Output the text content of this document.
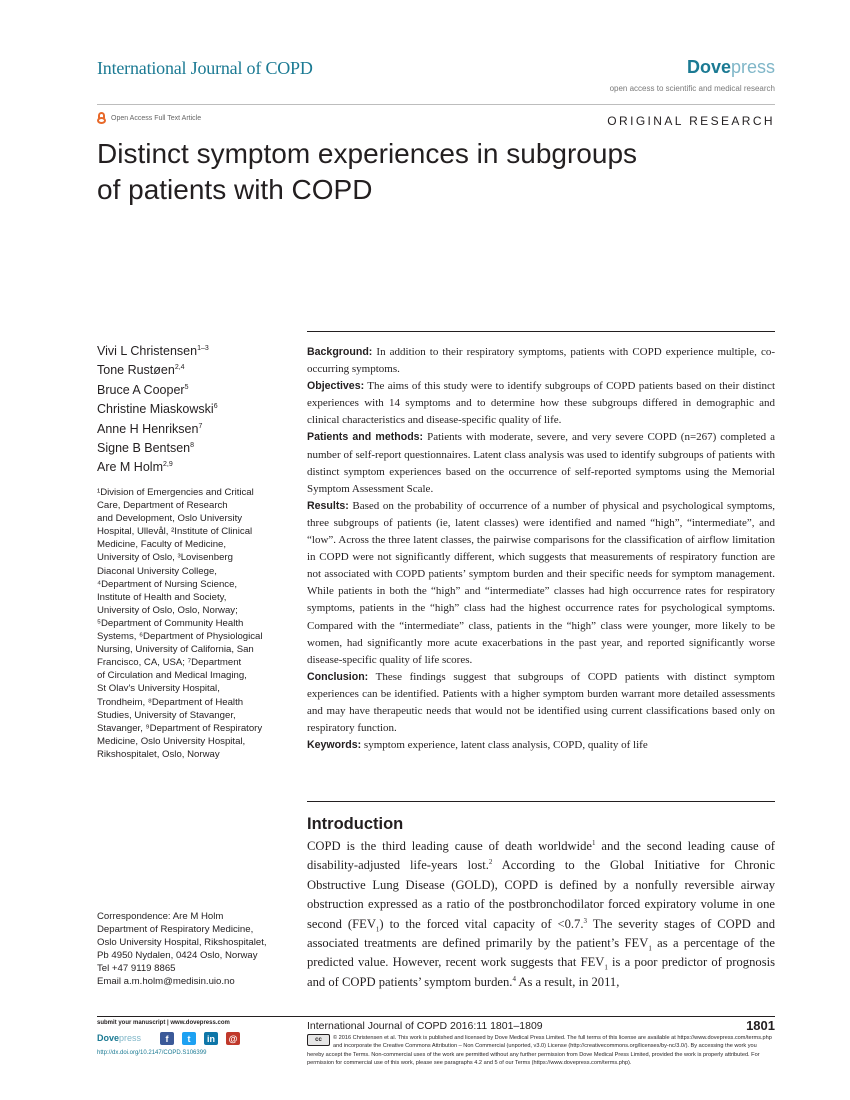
International Journal of COPD	Dovepress
open access to scientific and medical research
Open Access Full Text Article	ORIGINAL RESEARCH
Distinct symptom experiences in subgroups
of patients with COPD
Vivi L Christensen$^{1-3}$
Tone Rustøen$^{2,4}$
Bruce A Cooper$^5$
Christine Miaskowski$^6$
Anne H Henriksen$^7$
Signe B Bentsen$^8$
Are M Holm$^{2,9}$
¹Division of Emergencies and Critical
Care, Department of Research
and Development, Oslo University
Hospital, Ullevål, ²Institute of Clinical
Medicine, Faculty of Medicine,
University of Oslo, ³Lovisenberg
Diaconal University College,
⁴Department of Nursing Science,
Institute of Health and Society,
University of Oslo, Oslo, Norway;
⁵Department of Community Health
Systems, ⁶Department of Physiological
Nursing, University of California, San
Francisco, CA, USA; ⁷Department
of Circulation and Medical Imaging,
St Olav's University Hospital,
Trondheim, ⁸Department of Health
Studies, University of Stavanger,
Stavanger, ⁹Department of Respiratory
Medicine, Oslo University Hospital,
Rikshospitalet, Oslo, Norway
Correspondence: Are M Holm
Department of Respiratory Medicine,
Oslo University Hospital, Rikshospitalet,
Pb 4950 Nydalen, 0424 Oslo, Norway
Tel +47 9119 8865
Email a.m.holm@medisin.uio.no

Background: In addition to their respiratory symptoms, patients with COPD experience multiple, co-occurring symptoms.

Objectives: The aims of this study were to identify subgroups of COPD patients based on their distinct experiences with 14 symptoms and to determine how these subgroups differed in demographic and clinical characteristics and disease-specific quality of life.

Patients and methods: Patients with moderate, severe, and very severe COPD (n=267) completed a number of self-report questionnaires. Latent class analysis was used to identify subgroups of patients with distinct symptom experiences based on the occurrence of self-reported symptoms using the Memorial Symptom Assessment Scale.

Results: Based on the probability of occurrence of a number of physical and psychological symptoms, three subgroups of patients (ie, latent classes) were identified and named “high”, “intermediate”, and “low”. Across the three latent classes, the pairwise comparisons for the classification of airflow limitation in COPD were not significantly different, which suggests that measurements of respiratory function are not associated with COPD patients’ symptom burden and their specific needs for symptom management. While patients in both the “high” and “intermediate” classes had high occurrence rates for respiratory symptoms, patients in the “high” class had the highest occurrence rates for psychological symptoms. Compared with the “intermediate” class, patients in the “high” class were younger, more likely to be women, had significantly more acute exacerbations in the past year, and reported significantly worse disease-specific quality of life scores.

Conclusion: These findings suggest that subgroups of COPD patients with distinct symptom experiences can be identified. Patients with a higher symptom burden warrant more detailed assessments and may have therapeutic needs that would not be identified using current classifications based only on respiratory function.

Keywords: symptom experience, latent class analysis, COPD, quality of life

Introduction
COPD is the third leading cause of death worldwide$^1$ and the second leading cause of disability-adjusted life-years lost.$^2$ According to the Global Initiative for Chronic Obstructive Lung Disease (GOLD), COPD is defined by a nonfully reversible airway obstruction expressed as a ratio of the postbronchodilator forced expiratory volume in one second $(FEV_1)$ to the forced vital capacity of <0.7.$^3$ The severity stages of COPD and associated treatments are defined primarily by the patient’s $FEV_1$ as a percentage of the predicted value. However, recent work suggests that $FEV_1$ is a poor predictor of prognosis and of COPD patients’ symptom burden.$^4$ As a result, in 2011,
submit your manuscript | www.dovepress.com
Dovepress	f	t	in	@
http://dx.doi.org/10.2147/COPD.S106399
International Journal of COPD 2016:11 1801–1809	1801
cc	© 2016 Christensen et al. This work is published and licensed by Dove Medical Press Limited. The full terms of this license are available at https://www.dovepress.com/terms.php and incorporate the Creative Commons Attribution – Non Commercial (unported, v3.0) License (http://creativecommons.org/licenses/by-nc/3.0/). By accessing the work you
hereby accept the Terms. Non-commercial uses of the work are permitted without any further permission from Dove Medical Press Limited, provided the work is properly attributed. For permission for commercial use of this work, please see paragraphs 4.2 and 5 of our Terms (https://www.dovepress.com/terms.php).
